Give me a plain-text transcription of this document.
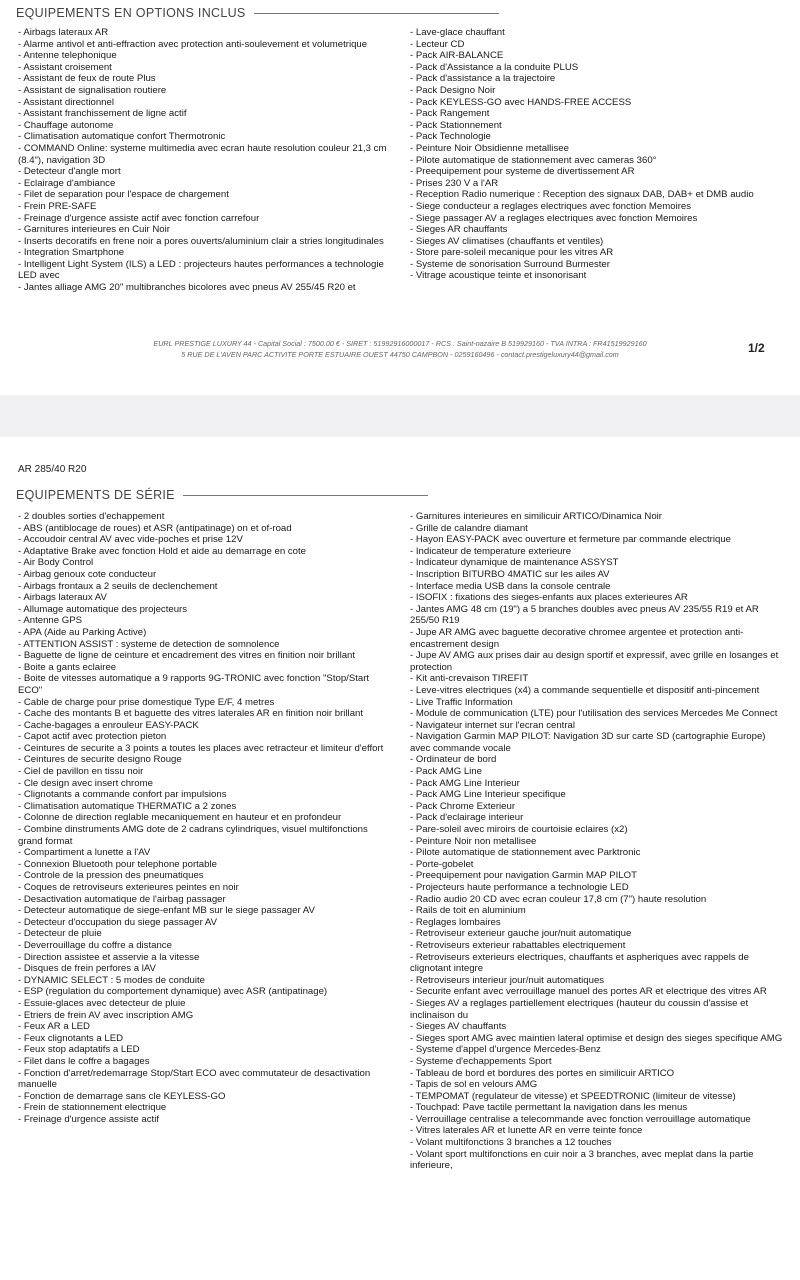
EQUIPEMENTS EN OPTIONS INCLUS
- Airbags lateraux AR
- Alarme antivol et anti-effraction avec protection anti-soulevement et volumetrique
- Antenne telephonique
- Assistant croisement
- Assistant de feux de route Plus
- Assistant de signalisation routiere
- Assistant directionnel
- Assistant franchissement de ligne actif
- Chauffage autonome
- Climatisation automatique confort Thermotronic
- COMMAND Online: systeme multimedia avec ecran haute resolution couleur 21,3 cm (8.4"), navigation 3D
- Detecteur d'angle mort
- Eclairage d'ambiance
- Filet de separation pour l'espace de chargement
- Frein PRE-SAFE
- Freinage d'urgence assiste actif avec fonction carrefour
- Garnitures interieures en Cuir Noir
- Inserts decoratifs en frene noir a pores ouverts/aluminium clair a stries longitudinales
- Integration Smartphone
- Intelligent Light System (ILS) a LED : projecteurs hautes performances a technologie LED avec
- Jantes alliage AMG 20" multibranches bicolores avec pneus AV 255/45 R20 et
- Lave-glace chauffant
- Lecteur CD
- Pack AIR-BALANCE
- Pack d'Assistance a la conduite PLUS
- Pack d'assistance a la trajectoire
- Pack Designo Noir
- Pack KEYLESS-GO avec HANDS-FREE ACCESS
- Pack Rangement
- Pack Stationnement
- Pack Technologie
- Peinture Noir Obsidienne metallisee
- Pilote automatique de stationnement avec cameras 360°
- Preequipement pour systeme de divertissement AR
- Prises 230 V a l'AR
- Reception Radio numerique : Reception des signaux DAB, DAB+ et DMB audio
- Siege conducteur a reglages electriques avec fonction Memoires
- Siege passager AV a reglages electriques avec fonction Memoires
- Sieges AR chauffants
- Sieges AV climatises (chauffants et ventiles)
- Store pare-soleil mecanique pour les vitres AR
- Systeme de sonorisation Surround Burmester
- Vitrage acoustique teinte et insonorisant
EURL PRESTIGE LUXURY 44 - Capital Social : 7500.00 € - SIRET : 51992916000017 - RCS : Saint-nazaire B 519929160 - TVA INTRA : FR41519929160
5 RUE DE L'AVEN PARC ACTIVITE PORTE ESTUAIRE OUEST 44750 CAMPBON - 0259160496 - contact.prestigeluxury44@gmail.com	1/2
AR 285/40 R20
EQUIPEMENTS DE SÉRIE
- 2 doubles sorties d'echappement
- ABS (antiblocage de roues) et ASR (antipatinage) on et of-road
- Accoudoir central AV avec vide-poches et prise 12V
- Adaptative Brake avec fonction Hold et aide au demarrage en cote
- Air Body Control
- Airbag genoux cote conducteur
- Airbags frontaux a 2 seuils de declenchement
- Airbags lateraux AV
- Allumage automatique des projecteurs
- Antenne GPS
- APA (Aide au Parking Active)
- ATTENTION ASSIST : systeme de detection de somnolence
- Baguette de ligne de ceinture et encadrement des vitres en finition noir brillant
- Boite a gants eclairee
- Boite de vitesses automatique a 9 rapports 9G-TRONIC avec fonction "Stop/Start ECO"
- Cable de charge pour prise domestique Type E/F, 4 metres
- Cache des montants B et baguette des vitres laterales AR en finition noir brillant
- Cache-bagages a enrouleur EASY-PACK
- Capot actif avec protection pieton
- Ceintures de securite a 3 points a toutes les places avec retracteur et limiteur d'effort
- Ceintures de securite designo Rouge
- Ciel de pavillon en tissu noir
- Cle design avec insert chrome
- Clignotants a commande confort par impulsions
- Climatisation automatique THERMATIC a 2 zones
- Colonne de direction reglable mecaniquement en hauteur et en profondeur
- Combine dinstruments AMG dote de 2 cadrans cylindriques, visuel multifonctions grand format
- Compartiment a lunette a l'AV
- Connexion Bluetooth pour telephone portable
- Controle de la pression des pneumatiques
- Coques de retroviseurs exterieures peintes en noir
- Desactivation automatique de l'airbag passager
- Detecteur automatique de siege-enfant MB sur le siege passager AV
- Detecteur d'occupation du siege passager AV
- Detecteur de pluie
- Deverrouillage du coffre a distance
- Direction assistee et asservie a la vitesse
- Disques de frein perfores a lAV
- DYNAMIC SELECT : 5 modes de conduite
- ESP (regulation du comportement dynamique) avec ASR (antipatinage)
- Essuie-glaces avec detecteur de pluie
- Etriers de frein AV avec inscription AMG
- Feux AR a LED
- Feux clignotants a LED
- Feux stop adaptatifs a LED
- Filet dans le coffre a bagages
- Fonction d'arret/redemarrage Stop/Start ECO avec commutateur de desactivation manuelle
- Fonction de demarrage sans cle KEYLESS-GO
- Frein de stationnement electrique
- Freinage d'urgence assiste actif
- Garnitures interieures en similicuir ARTICO/Dinamica Noir
- Grille de calandre diamant
- Hayon EASY-PACK avec ouverture et fermeture par commande electrique
- Indicateur de temperature exterieure
- Indicateur dynamique de maintenance ASSYST
- Inscription BITURBO 4MATIC sur les ailes AV
- Interface media USB dans la console centrale
- ISOFIX : fixations des sieges-enfants aux places exterieures AR
- Jantes AMG 48 cm (19") a 5 branches doubles avec pneus AV 235/55 R19 et AR 255/50 R19
- Jupe AR AMG avec baguette decorative chromee argentee et protection anti-encastrement design
- Jupe AV AMG aux prises dair au design sportif et expressif, avec grille en losanges et protection
- Kit anti-crevaison TIREFIT
- Leve-vitres electriques (x4) a commande sequentielle et dispositif anti-pincement
- Live Traffic Information
- Module de communication (LTE) pour l'utilisation des services Mercedes Me Connect
- Navigateur internet sur l'ecran central
- Navigation Garmin MAP PILOT: Navigation 3D sur carte SD (cartographie Europe) avec commande vocale
- Ordinateur de bord
- Pack AMG Line
- Pack AMG Line Interieur
- Pack AMG Line Interieur specifique
- Pack Chrome Exterieur
- Pack d'eclairage interieur
- Pare-soleil avec miroirs de courtoisie eclaires (x2)
- Peinture Noir non metallisee
- Pilote automatique de stationnement avec Parktronic
- Porte-gobelet
- Preequipement pour navigation Garmin MAP PILOT
- Projecteurs haute performance a technologie LED
- Radio audio 20 CD avec ecran couleur 17,8 cm (7") haute resolution
- Rails de toit en aluminium
- Reglages lombaires
- Retroviseur exterieur gauche jour/nuit automatique
- Retroviseurs exterieur rabattables electriquement
- Retroviseurs exterieurs electriques, chauffants et aspheriques avec rappels de clignotant integre
- Retroviseurs interieur jour/nuit automatiques
- Securite enfant avec verrouillage manuel des portes AR et electrique des vitres AR
- Sieges AV a reglages partiellement electriques (hauteur du coussin d'assise et inclinaison du
- Sieges AV chauffants
- Sieges sport AMG avec maintien lateral optimise et design des sieges specifique AMG
- Systeme d'appel d'urgence Mercedes-Benz
- Systeme d'echappements Sport
- Tableau de bord et bordures des portes en similicuir ARTICO
- Tapis de sol en velours AMG
- TEMPOMAT (regulateur de vitesse) et SPEEDTRONIC (limiteur de vitesse)
- Touchpad: Pave tactile permettant la navigation dans les menus
- Verrouillage centralise a telecommande avec fonction verrouillage automatique
- Vitres laterales AR et lunette AR en verre teinte fonce
- Volant multifonctions 3 branches a 12 touches
- Volant sport multifonctions en cuir noir a 3 branches, avec meplat dans la partie inferieure,
